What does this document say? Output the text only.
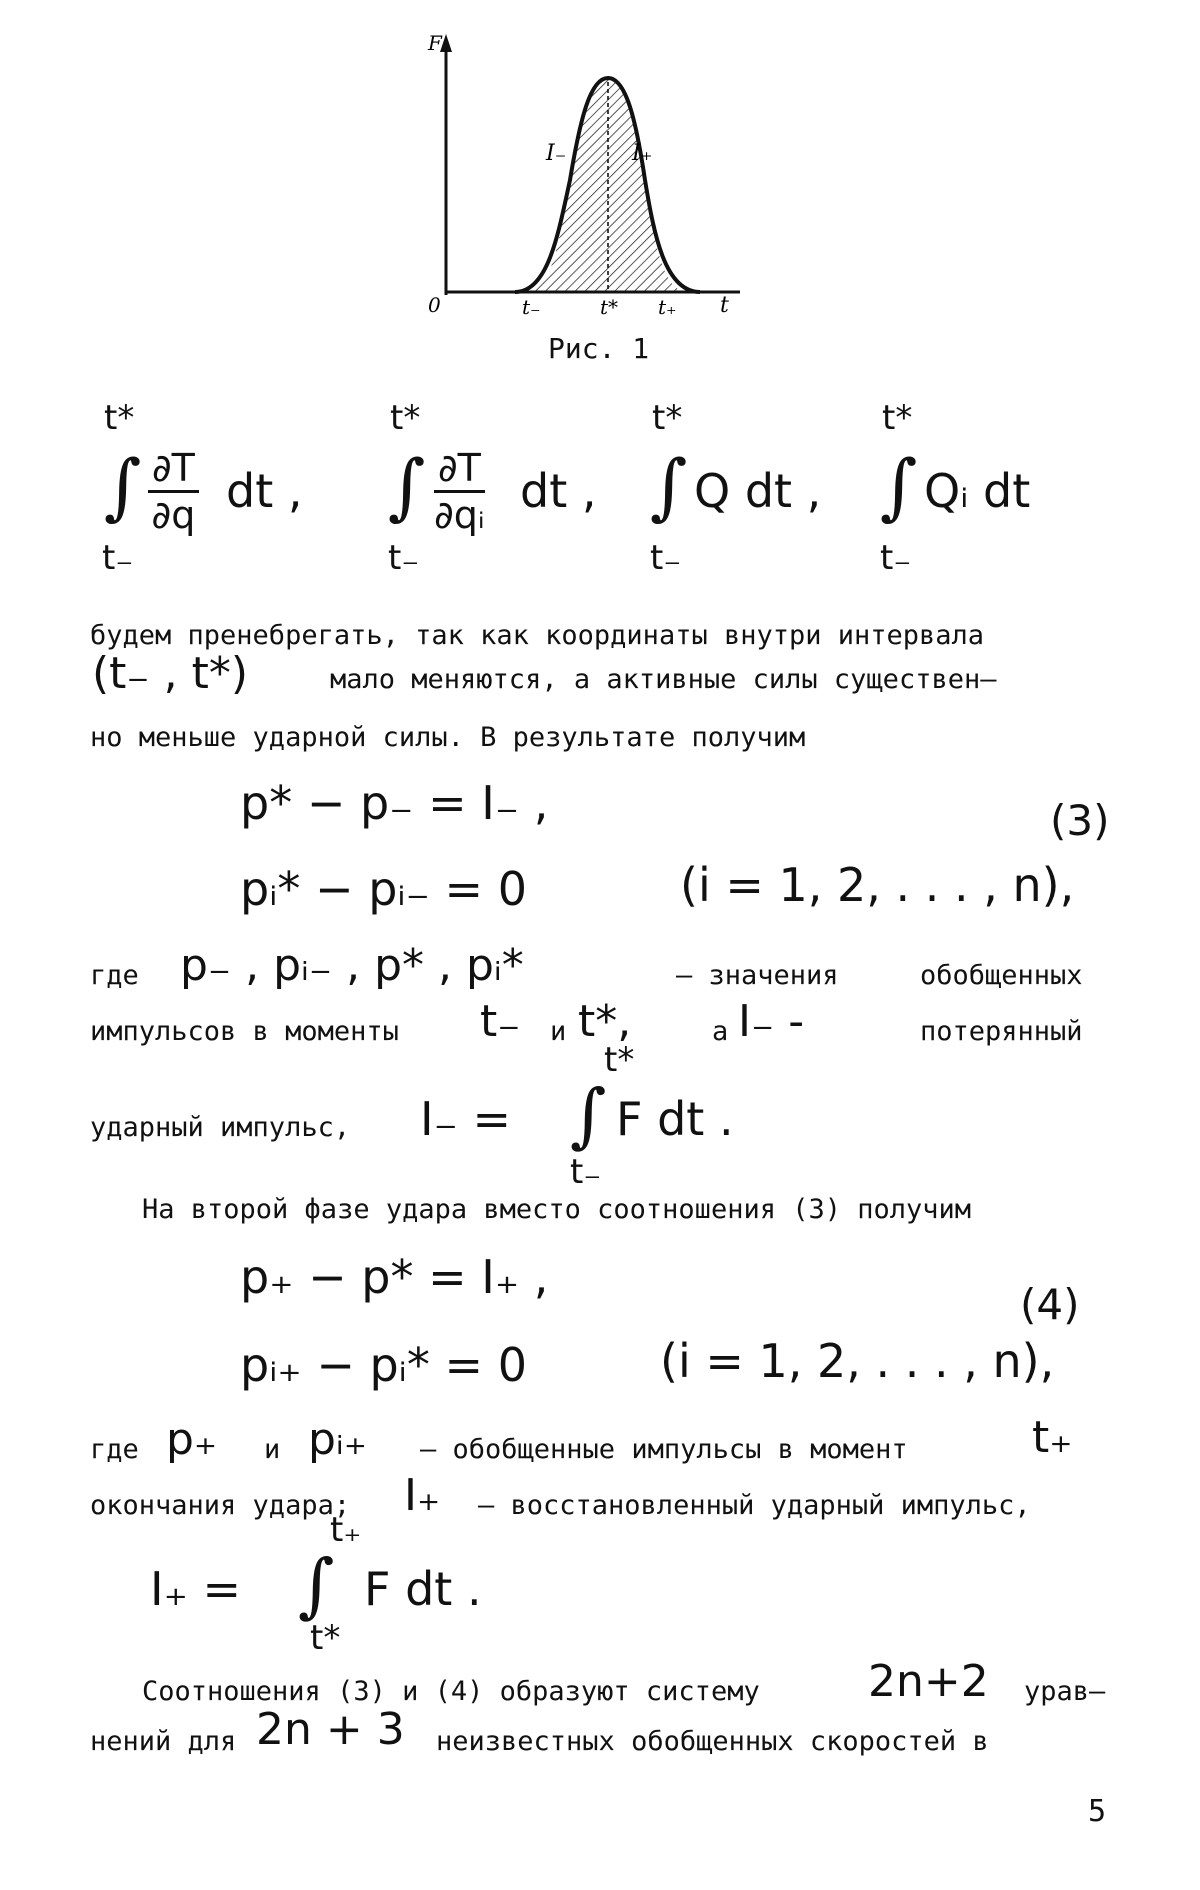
F
0	t
I₋	I₊
t₋	t* t₊
Рис. 1
t*
∫ $\frac{\partial T}{\partial q}$ dt ,
t₋
t*
∫ $\frac{\partial T}{\text{∂qᵢ}}$ dt ,
t₋
t*
∫ Q dt ,
t₋
t*
∫ Qᵢ dt
t₋
будем пренебрегать, так как координаты внутри интервала
(t₋ , t*)	мало меняются, а активные силы существен–
но меньше ударной силы. В результате получим
p* − p₋ = I₋ ,
pᵢ* − pᵢ₋ = 0	(i = 1, 2, . . . , n),
(3)
где p₋ , pᵢ₋ , p* , pᵢ*	– значения	обобщенных
импульсов в моменты t₋ и t*,	а I₋ -	потерянный
ударный импульс, I₋ = ∫
t*
t₋
F dt .
На второй фазе удара вместо соотношения (3) получим
p₊ − p* = I₊ ,
pᵢ₊ − pᵢ* = 0	(i = 1, 2, . . . , n),
(4)
где p₊ и pᵢ₊ – обобщенные импульсы в момент	t₊
окончания удара; I₊ – восстановленный ударный импульс,
I₊ = ∫
t₊
t*
F dt .
Соотношения (3) и (4) образуют систему 2n+2 урав–
нений для 2n + 3 неизвестных обобщенных скоростей в
5
